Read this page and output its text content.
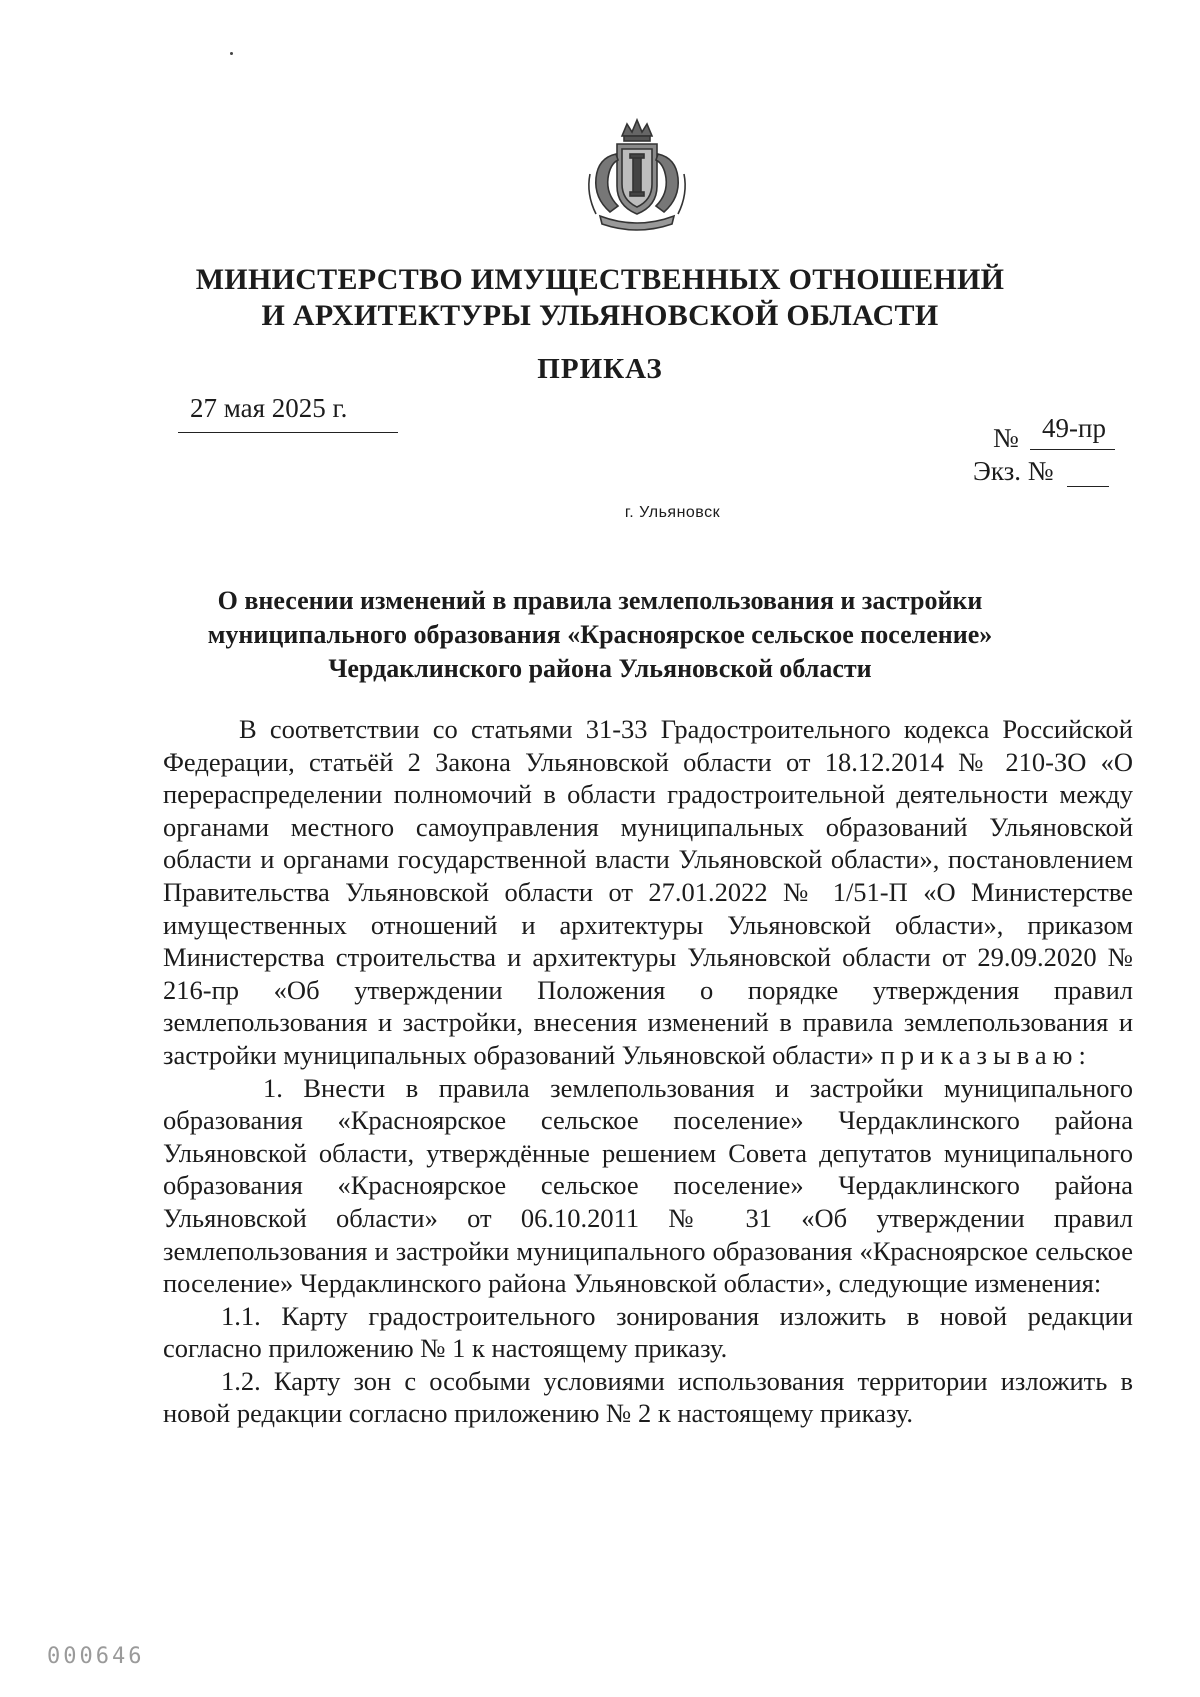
МИНИСТЕРСТВО ИМУЩЕСТВЕННЫХ ОТНОШЕНИЙ
И АРХИТЕКТУРЫ УЛЬЯНОВСКОЙ ОБЛАСТИ
ПРИКАЗ
27 мая 2025 г.
№ 49-пр
Экз. №
г. Ульяновск
О внесении изменений в правила землепользования и застройки
муниципального образования «Красноярское сельское поселение»
Чердаклинского района Ульяновской области

В соответствии со статьями 31-33 Градостроительного кодекса Российской Федерации, статьёй 2 Закона Ульяновской области от 18.12.2014 № 210-ЗО «О перераспределении полномочий в области градостроительной деятельности между органами местного самоуправления муниципальных образований Ульяновской области и органами государственной власти Ульяновской области», постановлением Правительства Ульяновской области от 27.01.2022 № 1/51-П «О Министерстве имущественных отношений и архитектуры Ульяновской области», приказом Министерства строительства и архитектуры Ульяновской области от 29.09.2020 № 216-пр «Об утверждении Положения о порядке утверждения правил землепользования и застройки, внесения изменений в правила землепользования и застройки муниципальных образований Ульяновской области» приказываю:

1. Внести в правила землепользования и застройки муниципального образования «Красноярское сельское поселение» Чердаклинского района Ульяновской области, утверждённые решением Совета депутатов муниципального образования «Красноярское сельское поселение» Чердаклинского района Ульяновской области» от 06.10.2011 № 31 «Об утверждении правил землепользования и застройки муниципального образования «Красноярское сельское поселение» Чердаклинского района Ульяновской области», следующие изменения:

1.1. Карту градостроительного зонирования изложить в новой редакции согласно приложению № 1 к настоящему приказу.

1.2. Карту зон с особыми условиями использования территории изложить в новой редакции согласно приложению № 2 к настоящему приказу.

000646
